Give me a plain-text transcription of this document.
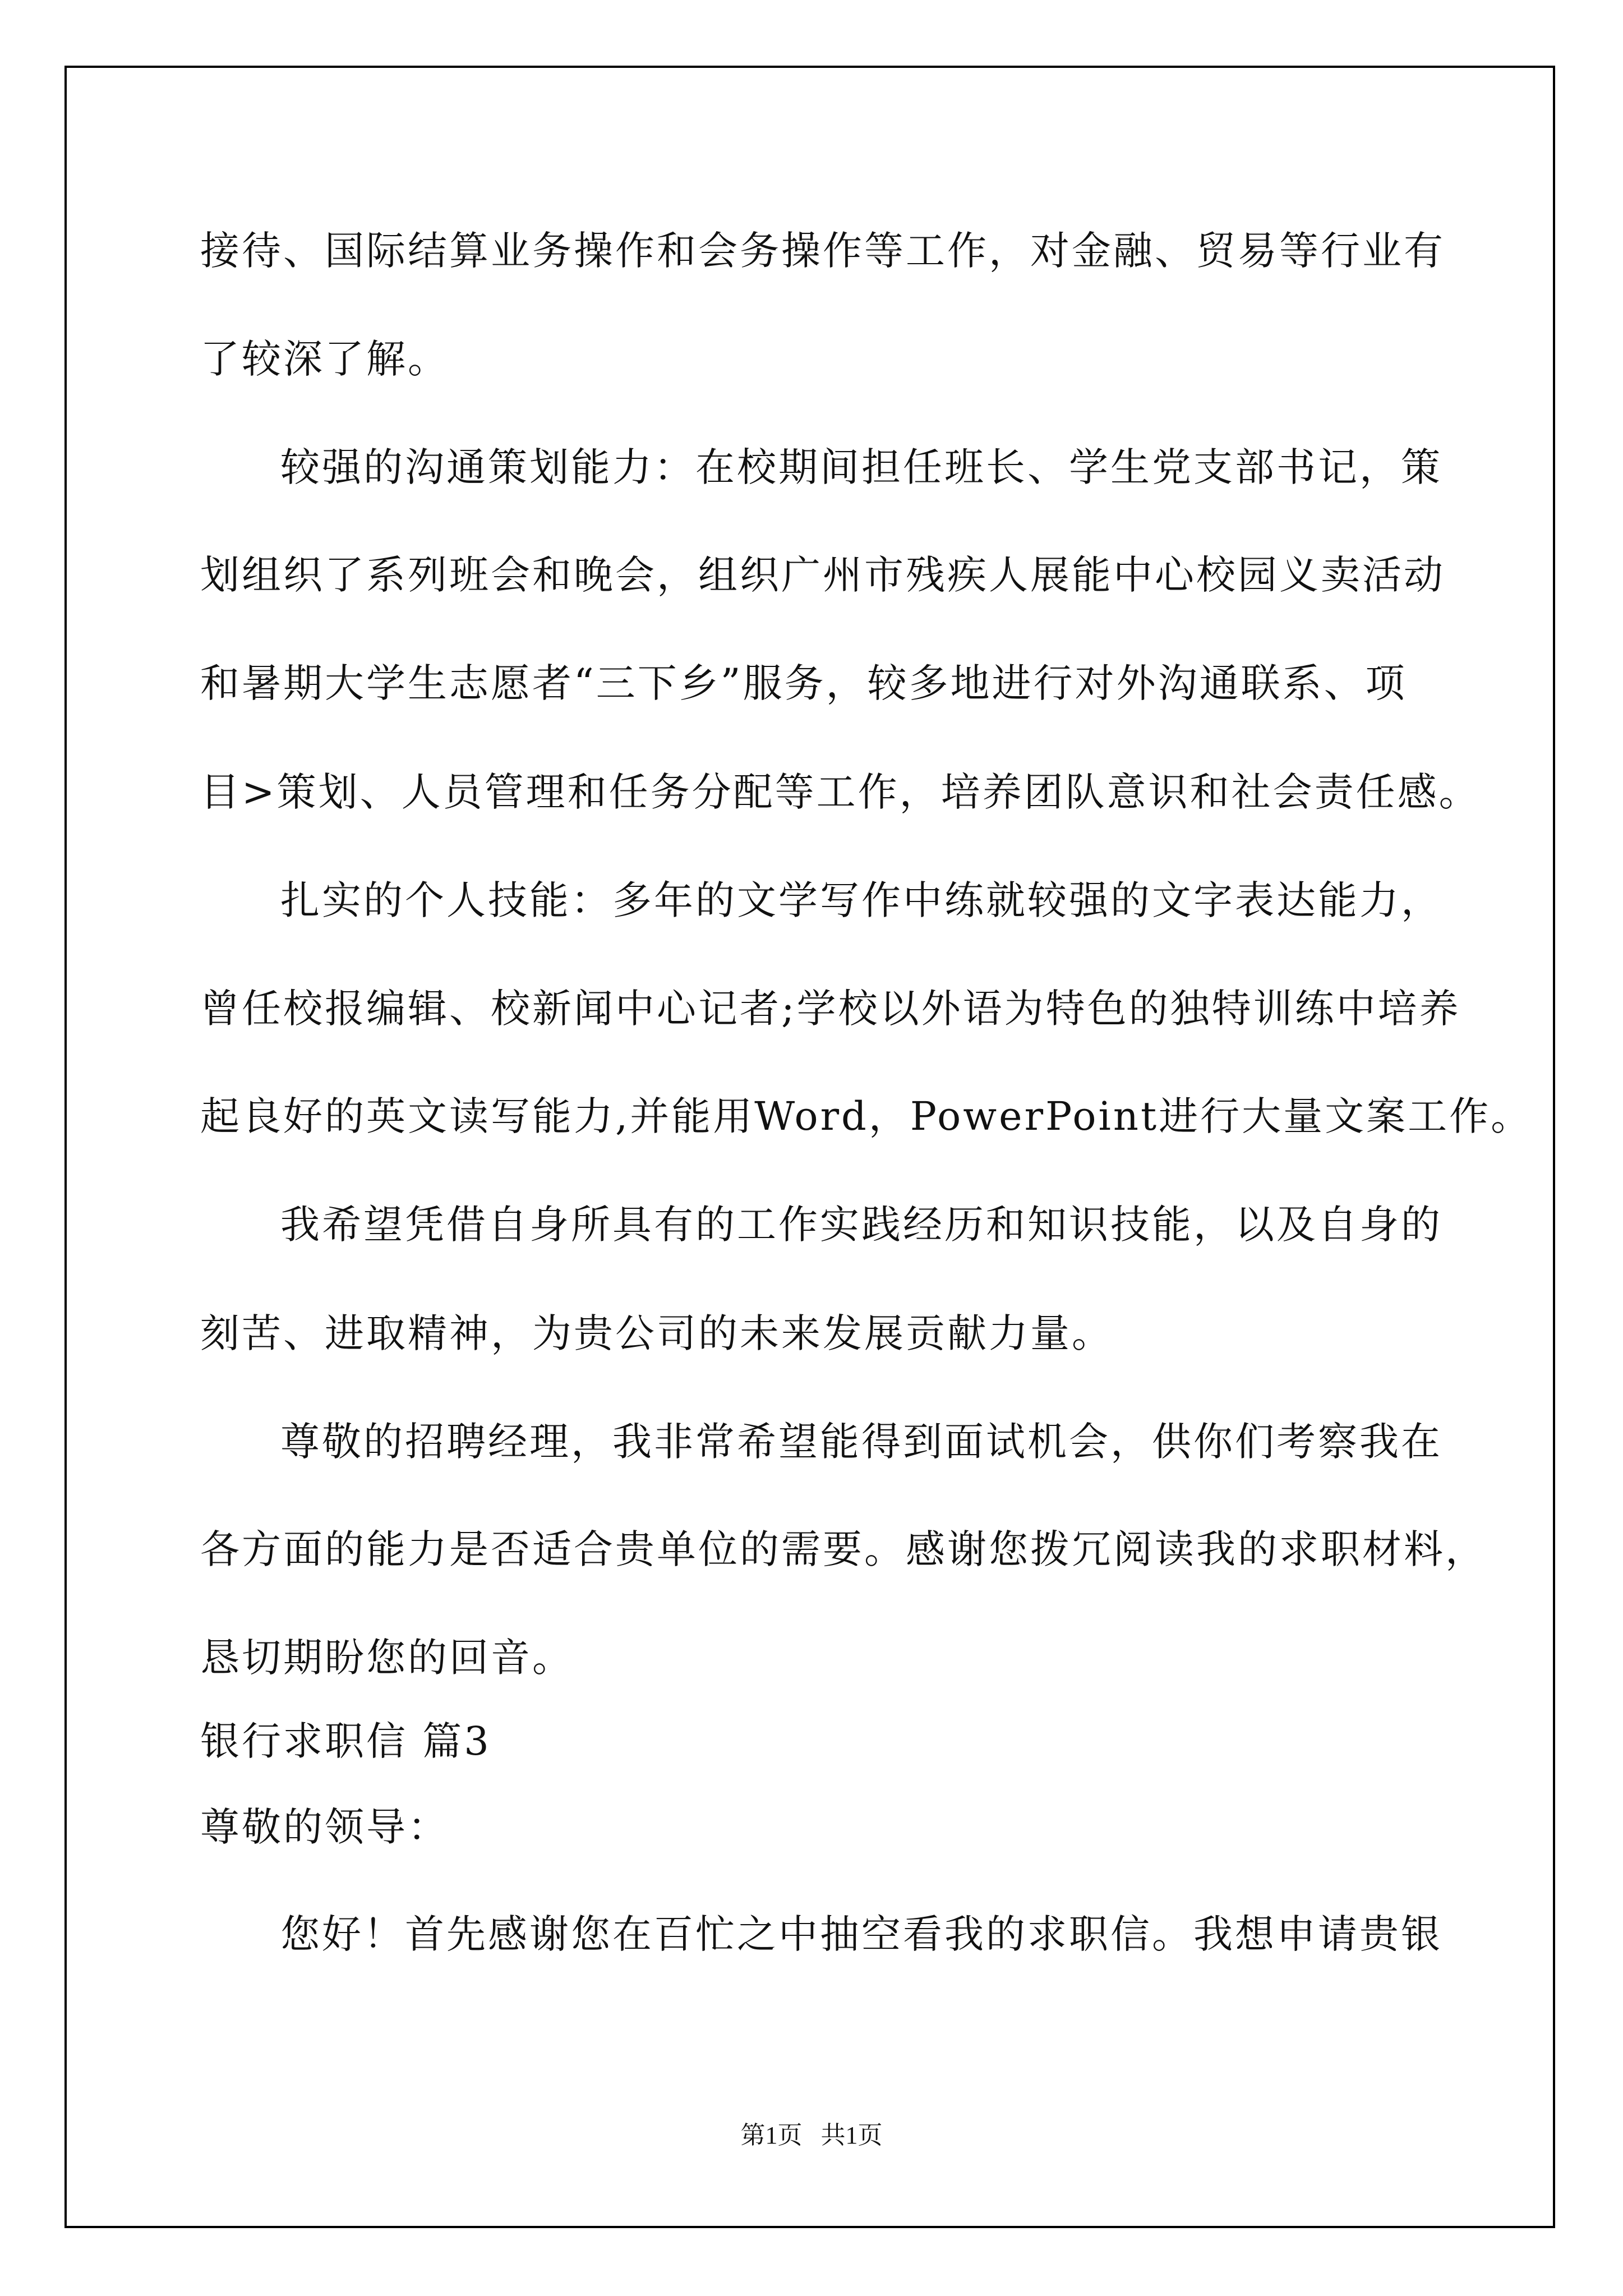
接待、国际结算业务操作和会务操作等工作，对金融、贸易等行业有
了较深了解。
较强的沟通策划能力：在校期间担任班长、学生党支部书记，策
划组织了系列班会和晚会，组织广州市残疾人展能中心校园义卖活动
和暑期大学生志愿者“三下乡”服务，较多地进行对外沟通联系、项
目>策划、人员管理和任务分配等工作，培养团队意识和社会责任感。
扎实的个人技能：多年的文学写作中练就较强的文字表达能力，
曾任校报编辑、校新闻中心记者;学校以外语为特色的独特训练中培养
起良好的英文读写能力,并能用Word，PowerPoint进行大量文案工作。
我希望凭借自身所具有的工作实践经历和知识技能，以及自身的
刻苦、进取精神，为贵公司的未来发展贡献力量。
尊敬的招聘经理，我非常希望能得到面试机会，供你们考察我在
各方面的能力是否适合贵单位的需要。感谢您拨冗阅读我的求职材料，
恳切期盼您的回音。
银行求职信 篇3
尊敬的领导：
您好！首先感谢您在百忙之中抽空看我的求职信。我想申请贵银
第1页   共1页
